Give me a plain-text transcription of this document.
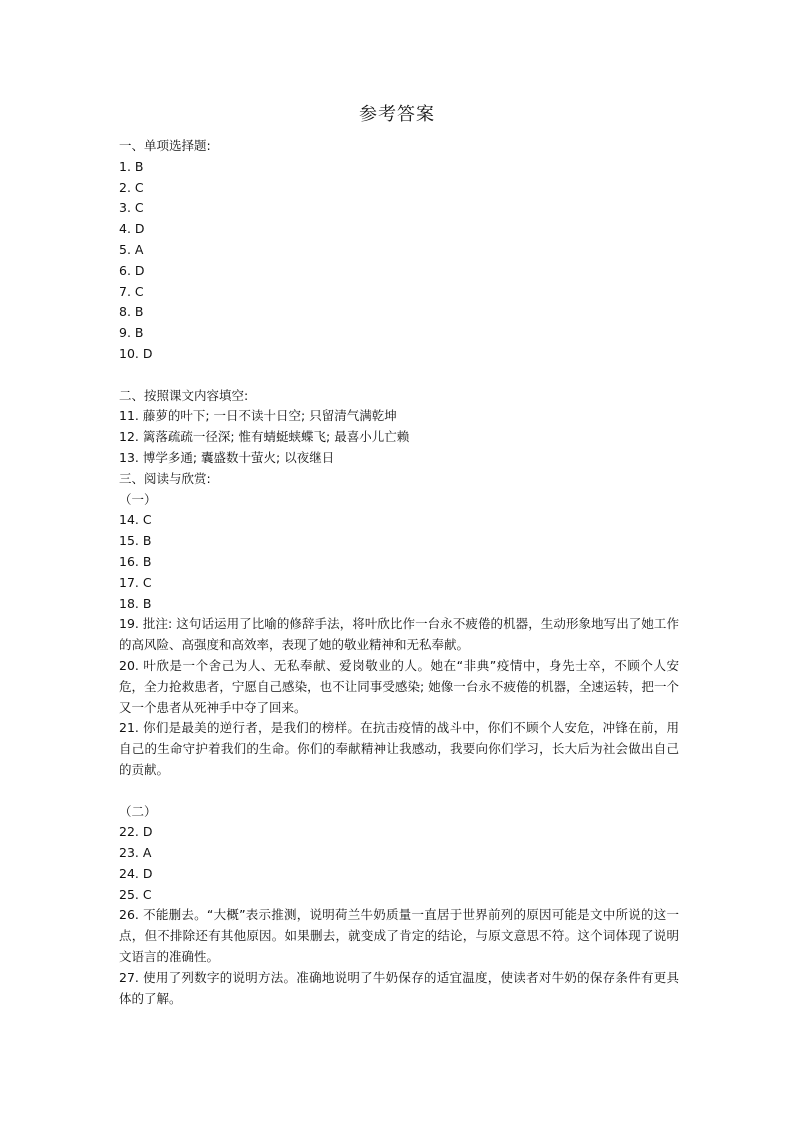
参考答案
一、单项选择题:
1. B
2. C
3. C
4. D
5. A
6. D
7. C
8. B
9. B
10. D
二、按照课文内容填空:
11. 藤萝的叶下; 一日不读十日空; 只留清气满乾坤
12. 篱落疏疏一径深; 惟有蜻蜓蛱蝶飞; 最喜小儿亡赖
13. 博学多通; 囊盛数十萤火; 以夜继日
三、阅读与欣赏:
（一）
14. C
15. B
16. B
17. C
18. B
19. 批注: 这句话运用了比喻的修辞手法，将叶欣比作一台永不疲倦的机器，生动形象地写出了她工作的高风险、高强度和高效率，表现了她的敬业精神和无私奉献。
20. 叶欣是一个舍己为人、无私奉献、爱岗敬业的人。她在“非典”疫情中，身先士卒，不顾个人安危，全力抢救患者，宁愿自己感染，也不让同事受感染; 她像一台永不疲倦的机器，全速运转，把一个又一个患者从死神手中夺了回来。
21. 你们是最美的逆行者，是我们的榜样。在抗击疫情的战斗中，你们不顾个人安危，冲锋在前，用自己的生命守护着我们的生命。你们的奉献精神让我感动，我要向你们学习，长大后为社会做出自己的贡献。
（二）
22. D
23. A
24. D
25. C
26. 不能删去。“大概”表示推测，说明荷兰牛奶质量一直居于世界前列的原因可能是文中所说的这一点，但不排除还有其他原因。如果删去，就变成了肯定的结论，与原文意思不符。这个词体现了说明文语言的准确性。
27. 使用了列数字的说明方法。准确地说明了牛奶保存的适宜温度，使读者对牛奶的保存条件有更具体的了解。
